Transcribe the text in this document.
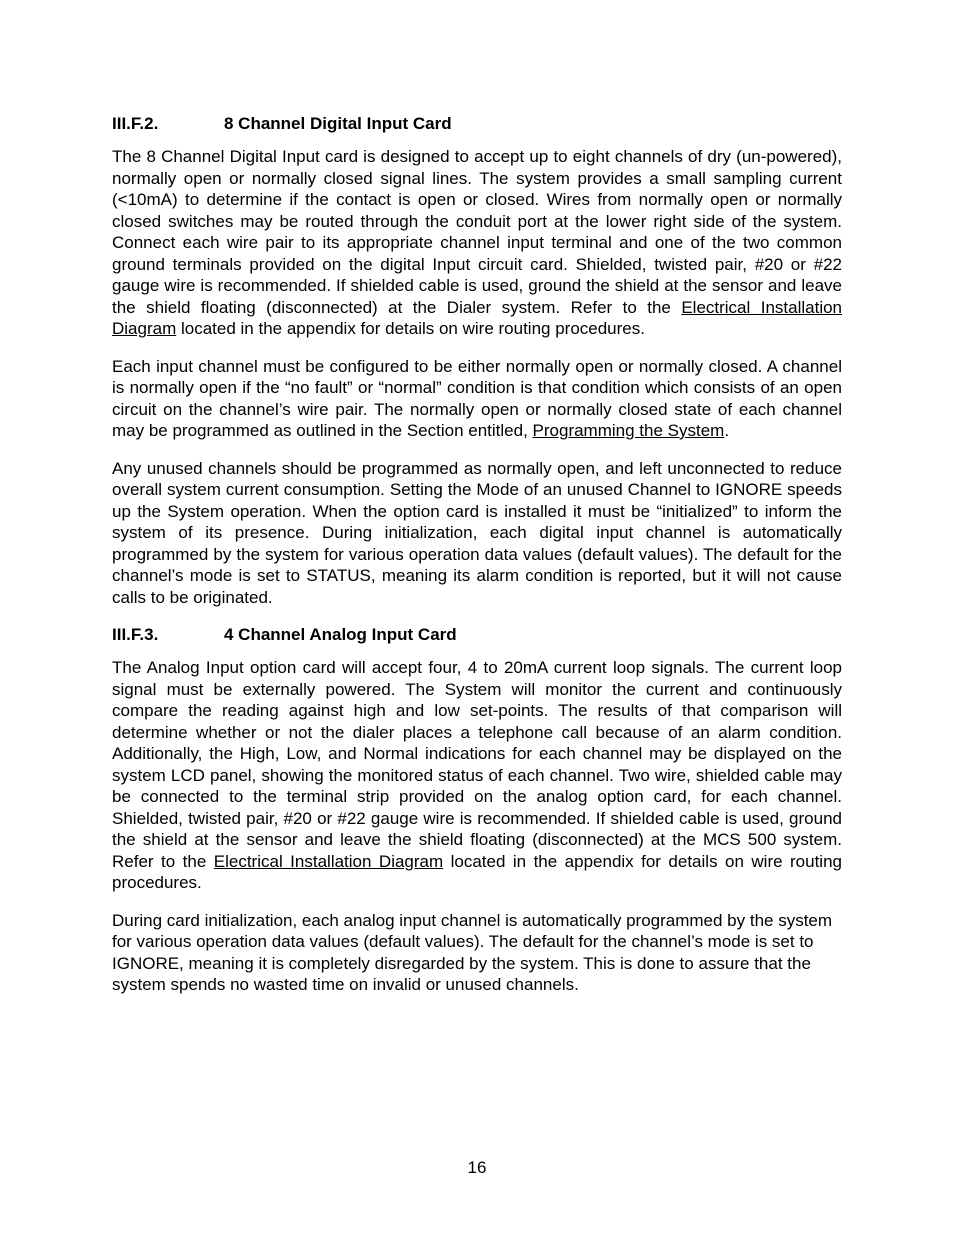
III.F.2.	8 Channel Digital Input Card

The 8 Channel Digital Input card is designed to accept up to eight channels of dry (un-powered), normally open or normally closed signal lines. The system provides a small sampling current (<10mA) to determine if the contact is open or closed. Wires from normally open or normally closed switches may be routed through the conduit port at the lower right side of the system. Connect each wire pair to its appropriate channel input terminal and one of the two common ground terminals provided on the digital Input circuit card. Shielded, twisted pair, #20 or #22 gauge wire is recommended. If shielded cable is used, ground the shield at the sensor and leave the shield floating (disconnected) at the Dialer system. Refer to the Electrical Installation Diagram located in the appendix for details on wire routing procedures.

Each input channel must be configured to be either normally open or normally closed. A channel is normally open if the “no fault” or “normal” condition is that condition which consists of an open circuit on the channel’s wire pair. The normally open or normally closed state of each channel may be programmed as outlined in the Section entitled, Programming the System.

Any unused channels should be programmed as normally open, and left unconnected to reduce overall system current consumption. Setting the Mode of an unused Channel to IGNORE speeds up the System operation. When the option card is installed it must be “initialized” to inform the system of its presence. During initialization, each digital input channel is automatically programmed by the system for various operation data values (default values). The default for the channel’s mode is set to STATUS, meaning its alarm condition is reported, but it will not cause calls to be originated.

III.F.3.	4 Channel Analog Input Card

The Analog Input option card will accept four, 4 to 20mA current loop signals. The current loop signal must be externally powered. The System will monitor the current and continuously compare the reading against high and low set-points. The results of that comparison will determine whether or not the dialer places a telephone call because of an alarm condition. Additionally, the High, Low, and Normal indications for each channel may be displayed on the system LCD panel, showing the monitored status of each channel. Two wire, shielded cable may be connected to the terminal strip provided on the analog option card, for each channel. Shielded, twisted pair, #20 or #22 gauge wire is recommended. If shielded cable is used, ground the shield at the sensor and leave the shield floating (disconnected) at the MCS 500 system. Refer to the Electrical Installation Diagram located in the appendix for details on wire routing procedures.

During card initialization, each analog input channel is automatically programmed by the system for various operation data values (default values). The default for the channel’s mode is set to IGNORE, meaning it is completely disregarded by the system. This is done to assure that the system spends no wasted time on invalid or unused channels.

16
